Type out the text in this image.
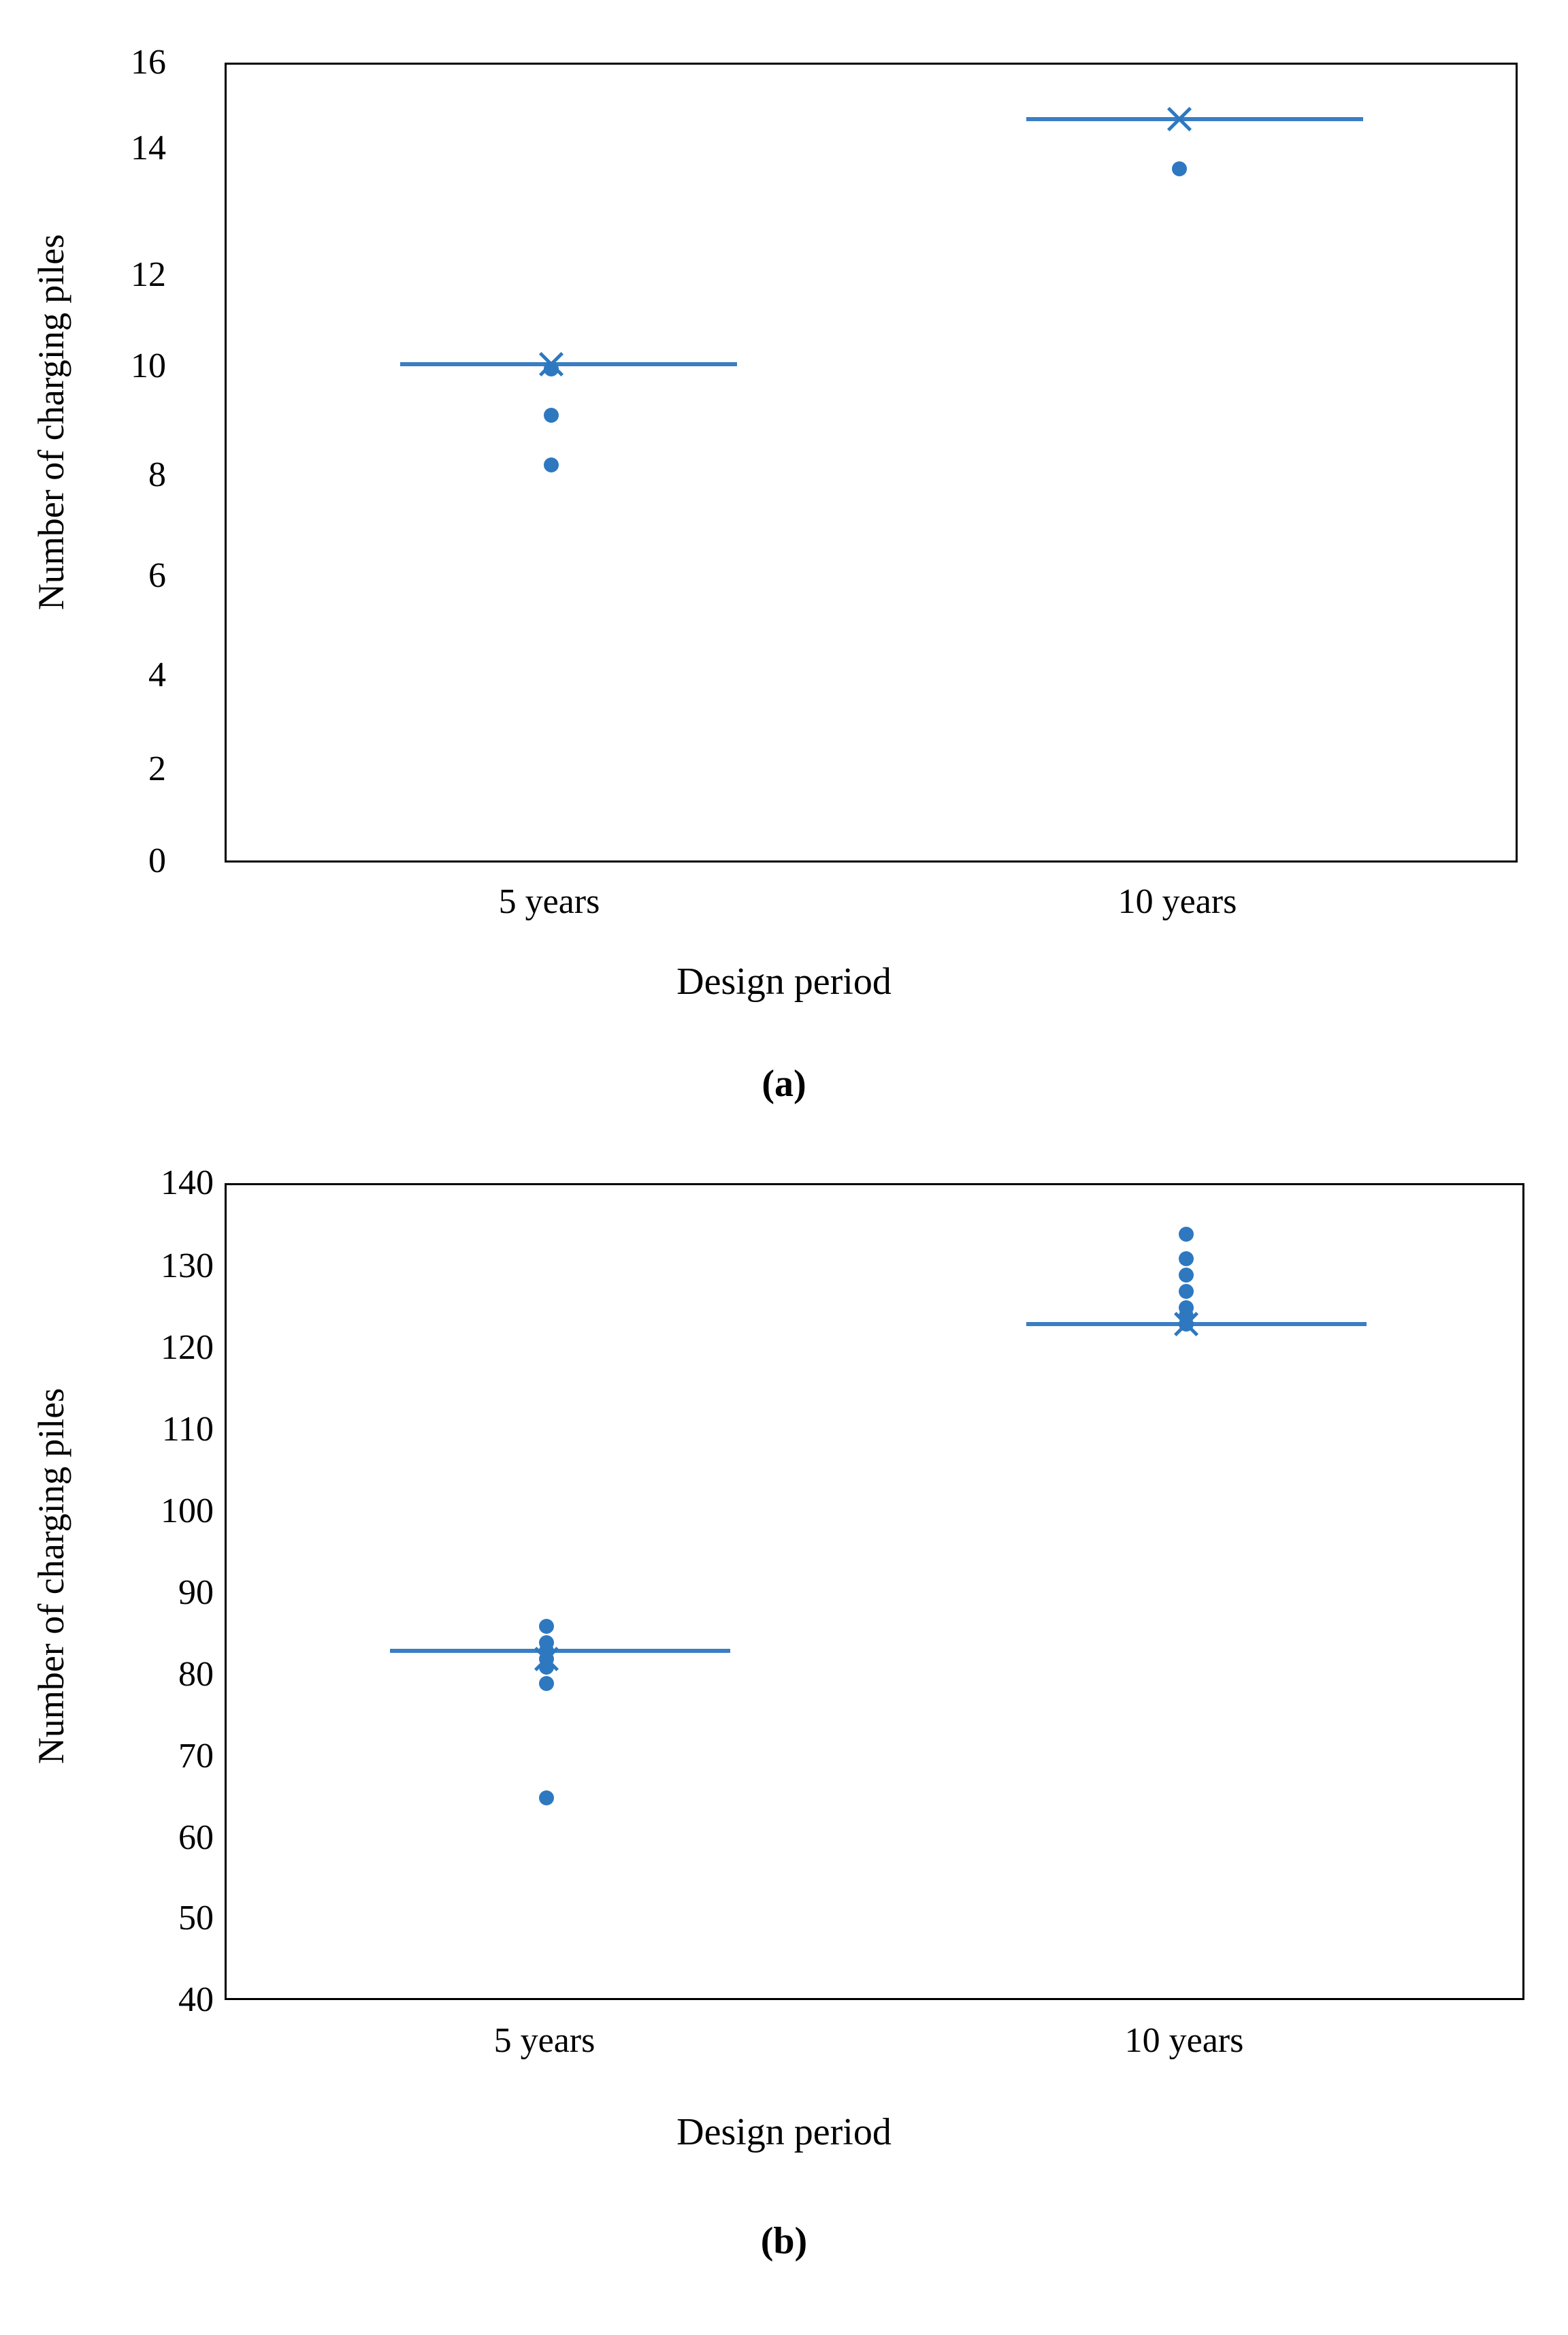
Number of charging piles
16
14
12
10
8
6
4
2
0
5 years	10 years
Design period
(a)
Number of charging piles
140
130
120
110
100
90
80
70
60
50
40
5 years	10 years
Design period
(b)
